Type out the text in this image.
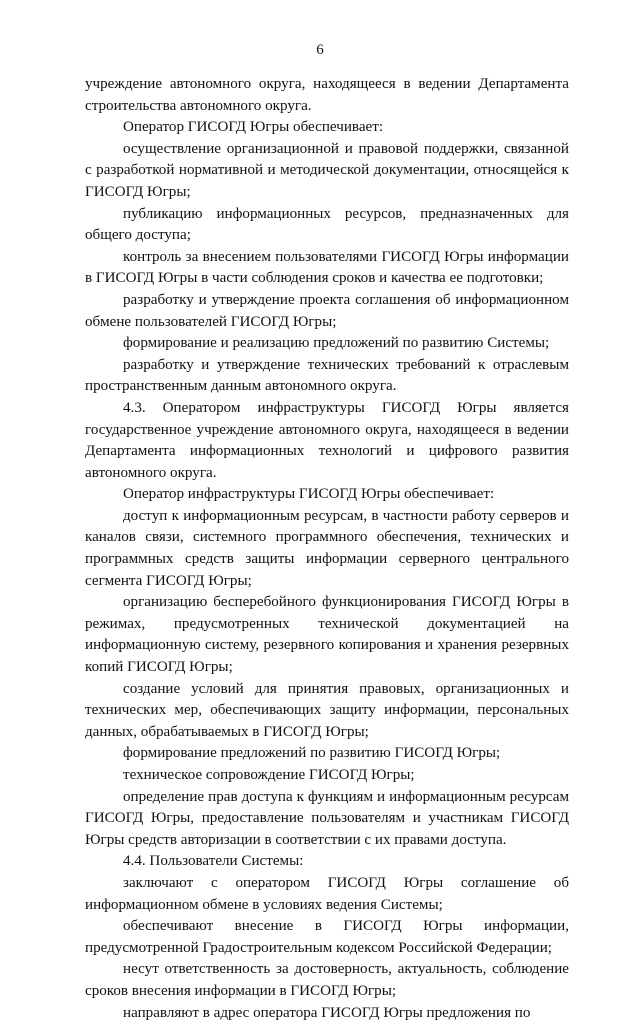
6

учреждение автономного округа, находящееся в ведении Департамента строительства автономного округа.

Оператор ГИСОГД Югры обеспечивает:

осуществление организационной и правовой поддержки, связанной с разработкой нормативной и методической документации, относящейся к ГИСОГД Югры;

публикацию информационных ресурсов, предназначенных для общего доступа;

контроль за внесением пользователями ГИСОГД Югры информации в ГИСОГД Югры в части соблюдения сроков и качества ее подготовки;

разработку и утверждение проекта соглашения об информационном обмене пользователей ГИСОГД Югры;

формирование и реализацию предложений по развитию Системы;

разработку и утверждение технических требований к отраслевым пространственным данным автономного округа.

4.3. Оператором инфраструктуры ГИСОГД Югры является государственное учреждение автономного округа, находящееся в ведении Департамента информационных технологий и цифрового развития автономного округа.

Оператор инфраструктуры ГИСОГД Югры обеспечивает:

доступ к информационным ресурсам, в частности работу серверов и каналов связи, системного программного обеспечения, технических и программных средств защиты информации серверного центрального сегмента ГИСОГД Югры;

организацию бесперебойного функционирования ГИСОГД Югры в режимах, предусмотренных технической документацией на информационную систему, резервного копирования и хранения резервных копий ГИСОГД Югры;

создание условий для принятия правовых, организационных и технических мер, обеспечивающих защиту информации, персональных данных, обрабатываемых в ГИСОГД Югры;

формирование предложений по развитию ГИСОГД Югры;

техническое сопровождение ГИСОГД Югры;

определение прав доступа к функциям и информационным ресурсам ГИСОГД Югры, предоставление пользователям и участникам ГИСОГД Югры средств авторизации в соответствии с их правами доступа.

4.4. Пользователи Системы:

заключают с оператором ГИСОГД Югры соглашение об информационном обмене в условиях ведения Системы;

обеспечивают внесение в ГИСОГД Югры информации, предусмотренной Градостроительным кодексом Российской Федерации;

несут ответственность за достоверность, актуальность, соблюдение сроков внесения информации в ГИСОГД Югры;

направляют в адрес оператора ГИСОГД Югры предложения по
